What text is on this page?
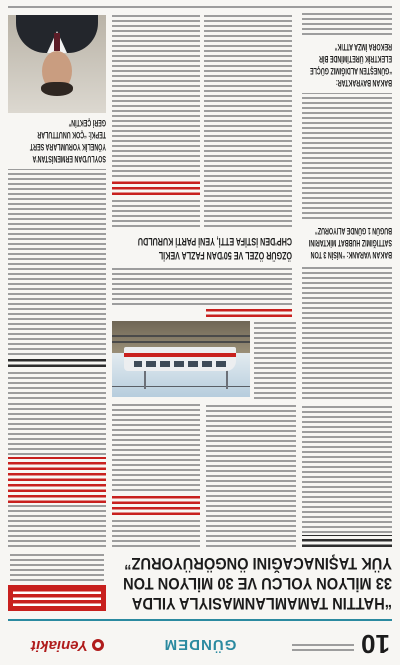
10
GÜNDEM
Yeniakit
“HATTIN TAMAMLANMASIYLA YILDA
33 MİLYON YOLCU VE 30 MİLYON TON
YÜK TAŞINACAĞINI ÖNGÖRÜYORUZ”
BAKAN VARANK: “NİSİN 3 TON
SATTIĞIMIZ HUBBAT MİKTARINI
BUGÜN 1 GÜNDE ALIYORUZ”
ÖZGÜR ÖZEL VE 50'DAN FAZLA VEKİL
CHP'DEN İSTİFA ETTİ, YENİ PARTİ KURULDU
SOYLU'DAN ERMENİSTAN'A
YÖNELİK YORUMLARA SERT
TEPKİ: “ÇOK UNUTTULAR
GERİ ÇEKTİN”
BAKAN BAYRAKTAR:
“GÜNEŞTEN ALDIĞIMIZ GÜÇLE
ELEKTRİK ÜRETİMİNDE BİR
REKORA İMZA ATTIK”
